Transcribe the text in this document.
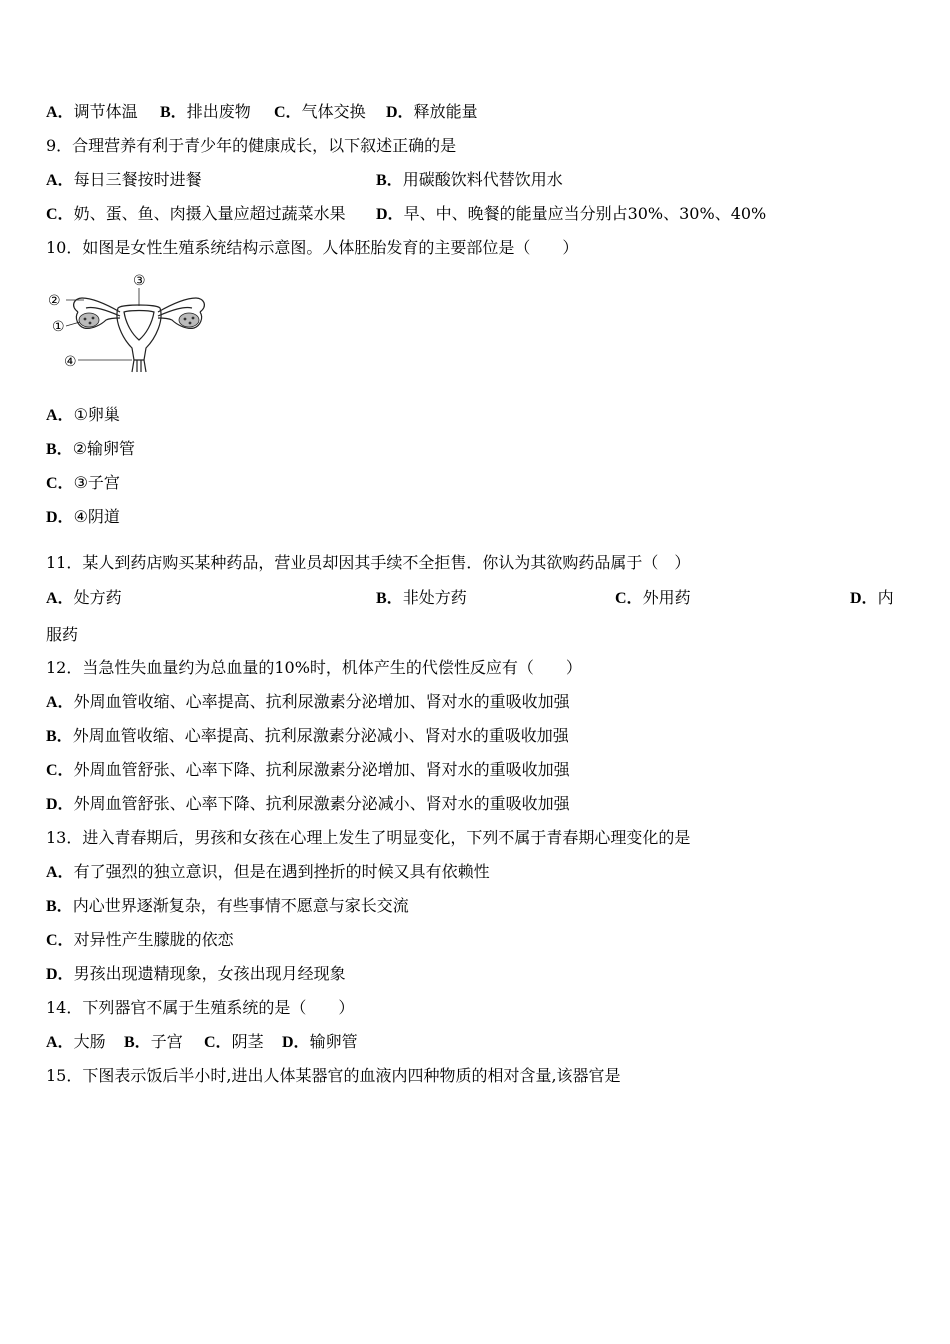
A．调节体温 B．排出废物 C．气体交换 D．释放能量
9．合理营养有利于青少年的健康成长，以下叙述正确的是
A．每日三餐按时进餐	B．用碳酸饮料代替饮用水
C．奶、蛋、鱼、肉摄入量应超过蔬菜水果 D．早、中、晚餐的能量应当分别占30%、30%、40%
10．如图是女性生殖系统结构示意图。人体胚胎发育的主要部位是（　　）
②
①
③
④
A．①卵巢
B．②输卵管
C．③子宫
D．④阴道
11．某人到药店购买某种药品，营业员却因其手续不全拒售．你认为其欲购药品属于（　）
A．处方药	B．非处方药	C．外用药	D．内
服药
12．当急性失血量约为总血量的10%时，机体产生的代偿性反应有（　　）
A．外周血管收缩、心率提高、抗利尿激素分泌增加、肾对水的重吸收加强
B．外周血管收缩、心率提高、抗利尿激素分泌减小、肾对水的重吸收加强
C．外周血管舒张、心率下降、抗利尿激素分泌增加、肾对水的重吸收加强
D．外周血管舒张、心率下降、抗利尿激素分泌减小、肾对水的重吸收加强
13．进入青春期后，男孩和女孩在心理上发生了明显变化，下列不属于青春期心理变化的是
A．有了强烈的独立意识，但是在遇到挫折的时候又具有依赖性
B．内心世界逐渐复杂，有些事情不愿意与家长交流
C．对异性产生朦胧的依恋
D．男孩出现遗精现象，女孩出现月经现象
14．下列器官不属于生殖系统的是（　　）
A．大肠 B．子宫 C．阴茎 D．输卵管
15．下图表示饭后半小时,进出人体某器官的血液内四种物质的相对含量,该器官是
